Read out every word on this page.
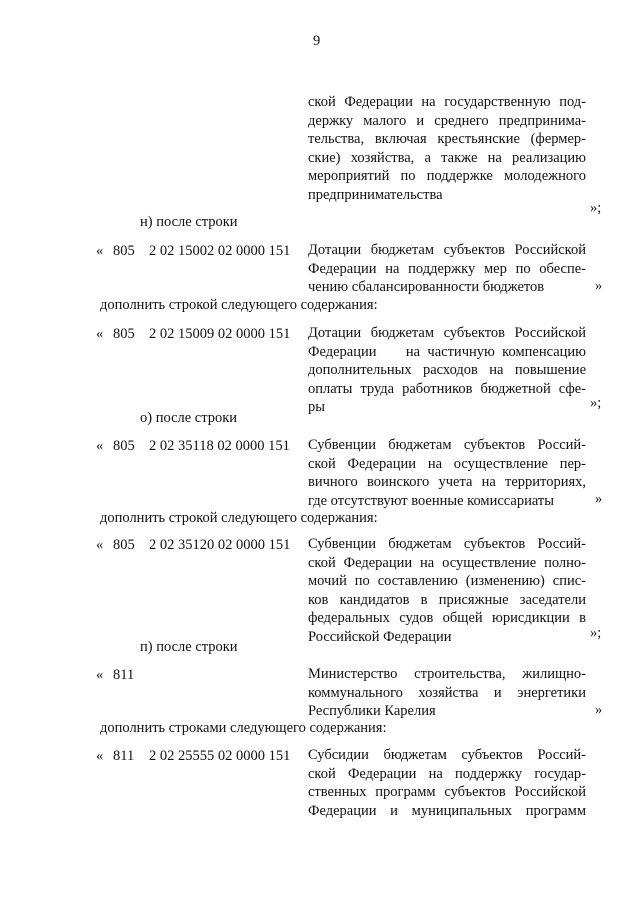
9
ской Федерации на государственную под-
держку малого и среднего предпринима-
тельства, включая крестьянские (фермер-
ские) хозяйства, а также на реализацию
мероприятий по поддержке молодежного
предпринимательства
»;
н) после строки
« 805 2 02 15002 02 0000 151 Дотации бюджетам субъектов Российской
Федерации на поддержку мер по обеспе-
чению сбалансированности бюджетов	»
дополнить строкой следующего содержания:
« 805 2 02 15009 02 0000 151 Дотации бюджетам субъектов Российской
Федерации    на частичную компенсацию
дополнительных расходов на повышение
оплаты труда работников бюджетной сфе-
ры	»;
о) после строки
« 805 2 02 35118 02 0000 151 Субвенции бюджетам субъектов Россий-
ской Федерации на осуществление пер-
вичного воинского учета на территориях,
где отсутствуют военные комиссариаты	»
дополнить строкой следующего содержания:
« 805 2 02 35120 02 0000 151 Субвенции бюджетам субъектов Россий-
ской Федерации на осуществление полно-
мочий по составлению (изменению) спис-
ков кандидатов в присяжные заседатели
федеральных судов общей юрисдикции в
Российской Федерации	»;
п) после строки
« 811	Министерство строительства, жилищно-
коммунального хозяйства и энергетики
Республики Карелия	»
дополнить строками следующего содержания:
« 811 2 02 25555 02 0000 151 Субсидии бюджетам субъектов Россий-
ской Федерации на поддержку государ-
ственных программ субъектов Российской
Федерации и муниципальных программ
